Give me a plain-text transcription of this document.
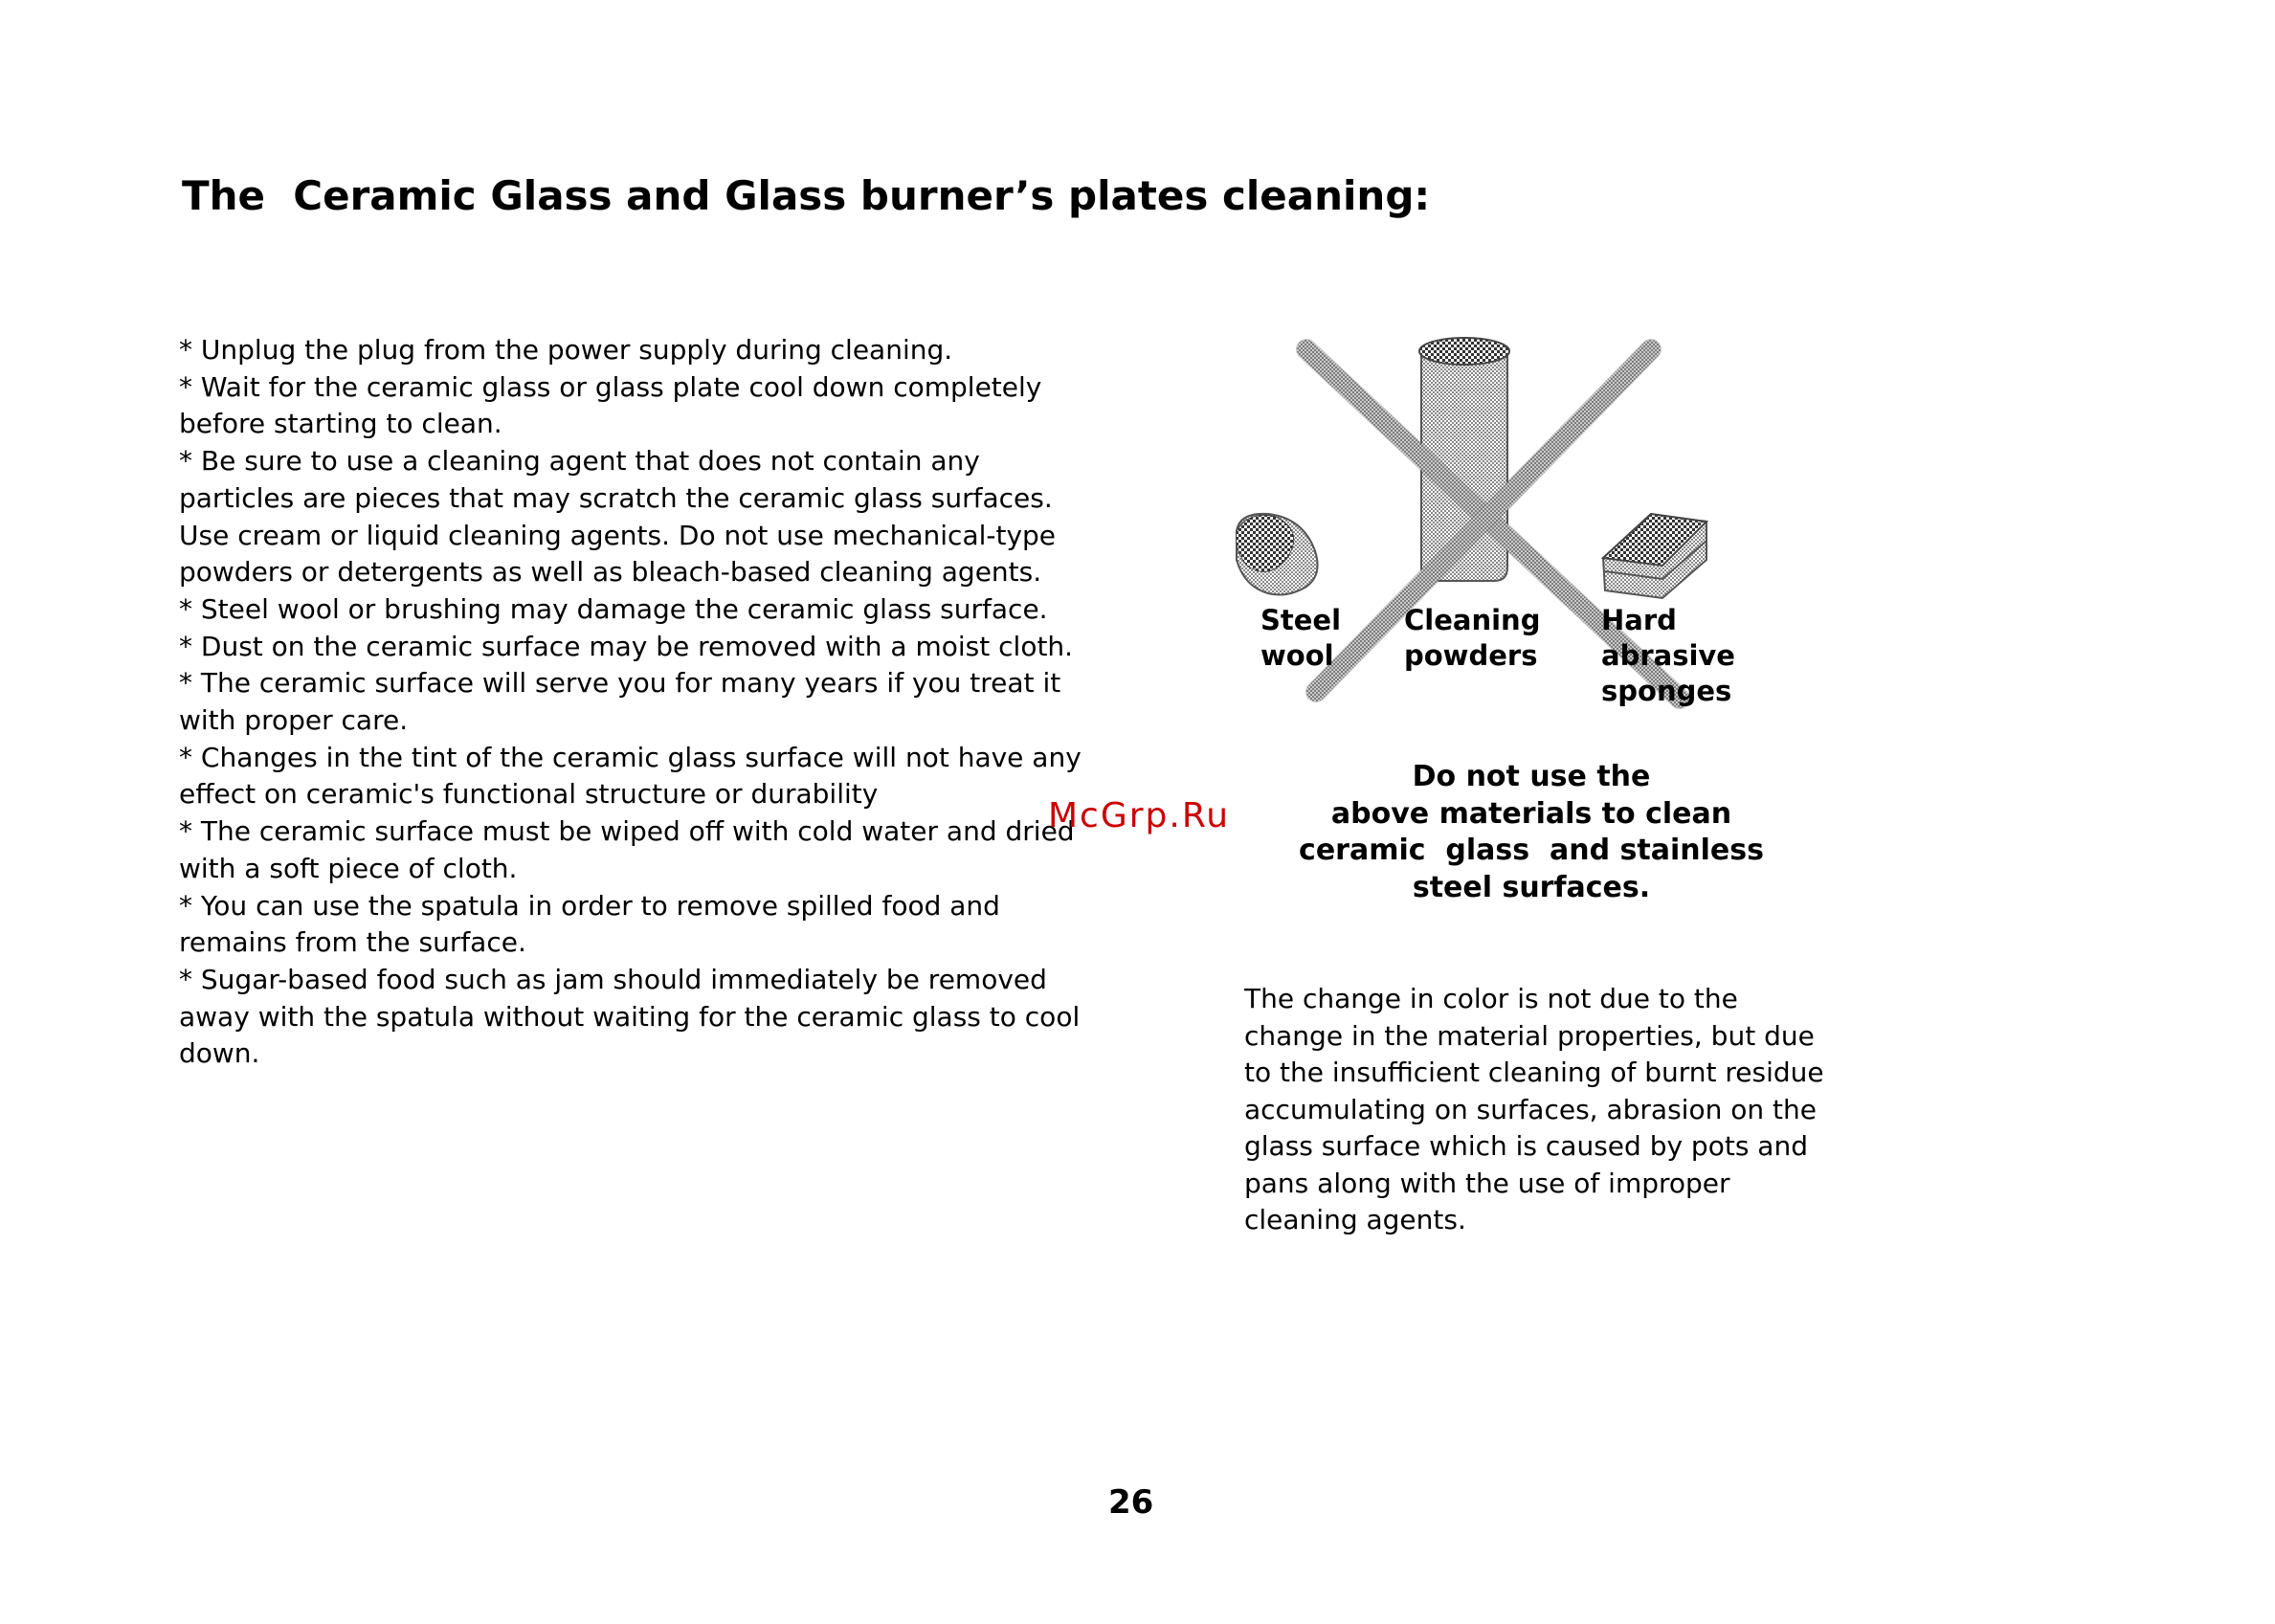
The  Ceramic Glass and Glass burner’s plates cleaning:

* Unplug the plug from the power supply during cleaning.

* Wait for the ceramic glass or glass plate cool down completely before starting to clean.

* Be sure to use a cleaning agent that does not contain any particles are pieces that may scratch the ceramic glass surfaces.

Use cream or liquid cleaning agents. Do not use mechanical-type powders or detergents as well as bleach-based cleaning agents.

* Steel wool or brushing may damage the ceramic glass surface.

* Dust on the ceramic surface may be removed with a moist cloth.

* The ceramic surface will serve you for many years if you treat it with proper care.

* Changes in the tint of the ceramic glass surface will not have any effect on ceramic's functional structure or durability

* The ceramic surface must be wiped off with cold water and dried with a soft piece of cloth.

* You can use the spatula in order to remove spilled food and remains from the surface.

* Sugar-based food such as jam should immediately be removed away with the spatula without waiting for the ceramic glass to cool down.

Steel
wool
Cleaning
powders
Hard
abrasive
sponges
Do not use the
above materials to clean
ceramic  glass  and stainless
steel surfaces.
The change in color is not due to the change in the material properties, but due to the insufficient cleaning of burnt residue accumulating on surfaces, abrasion on the glass surface which is caused by pots and pans along with the use of improper cleaning agents.
McGrp.Ru
26
